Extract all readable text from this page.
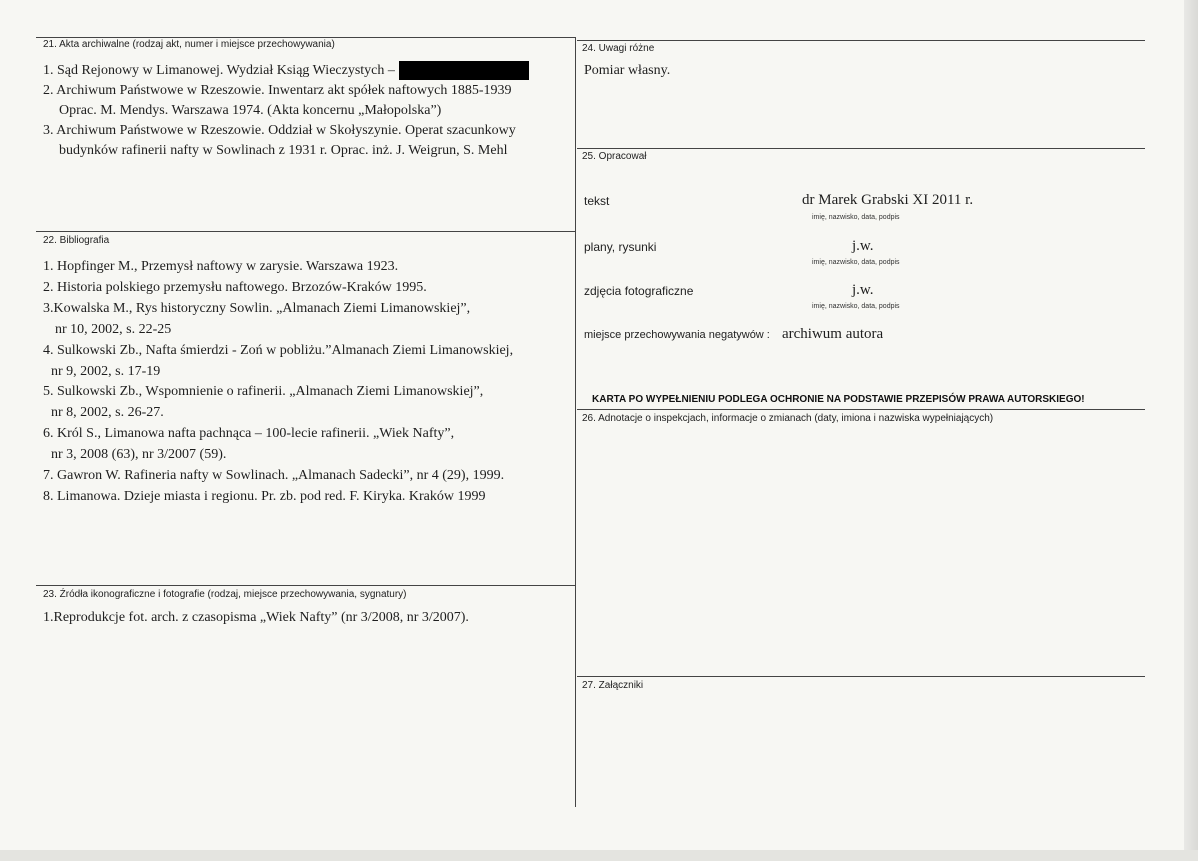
21. Akta archiwalne (rodzaj akt, numer i miejsce przechowywania)
1. Sąd Rejonowy w Limanowej. Wydział Ksiąg Wieczystych –
2. Archiwum Państwowe w Rzeszowie. Inwentarz akt spółek naftowych 1885-1939
Oprac. M. Mendys. Warszawa 1974. (Akta koncernu „Małopolska”)
3. Archiwum Państwowe w Rzeszowie. Oddział w Skołyszynie. Operat szacunkowy
budynków rafinerii nafty w Sowlinach z 1931 r. Oprac. inż. J. Weigrun, S. Mehl
22. Bibliografia
1. Hopfinger M., Przemysł naftowy w zarysie. Warszawa 1923.
2. Historia polskiego przemysłu naftowego. Brzozów-Kraków 1995.
3.Kowalska M., Rys historyczny Sowlin. „Almanach Ziemi Limanowskiej”,
nr 10, 2002, s. 22-25
4. Sulkowski Zb., Nafta śmierdzi - Zoń w pobliżu.”Almanach Ziemi Limanowskiej,
nr 9, 2002, s. 17-19
5. Sulkowski Zb., Wspomnienie o rafinerii. „Almanach Ziemi Limanowskiej”,
nr 8, 2002, s. 26-27.
6. Król S., Limanowa nafta pachnąca – 100-lecie rafinerii. „Wiek Nafty”,
nr 3, 2008 (63), nr 3/2007 (59).
7. Gawron W. Rafineria nafty w Sowlinach. „Almanach Sadecki”, nr 4 (29), 1999.
8. Limanowa. Dzieje miasta i regionu. Pr. zb. pod red. F. Kiryka. Kraków 1999
23. Źródła ikonograficzne i fotografie (rodzaj, miejsce przechowywania, sygnatury)
1.Reprodukcje fot. arch. z czasopisma „Wiek Nafty” (nr 3/2008, nr 3/2007).
24. Uwagi różne
Pomiar własny.
25. Opracował
tekst	dr Marek Grabski XI 2011 r.
imię, nazwisko, data, podpis
plany, rysunki	j.w.
imię, nazwisko, data, podpis
zdjęcia fotograficzne	j.w.
imię, nazwisko, data, podpis
miejsce przechowywania negatywów : archiwum autora
KARTA PO WYPEŁNIENIU PODLEGA OCHRONIE NA PODSTAWIE PRZEPISÓW PRAWA AUTORSKIEGO!
26. Adnotacje o inspekcjach, informacje o zmianach (daty, imiona i nazwiska wypełniających)
27. Załączniki
